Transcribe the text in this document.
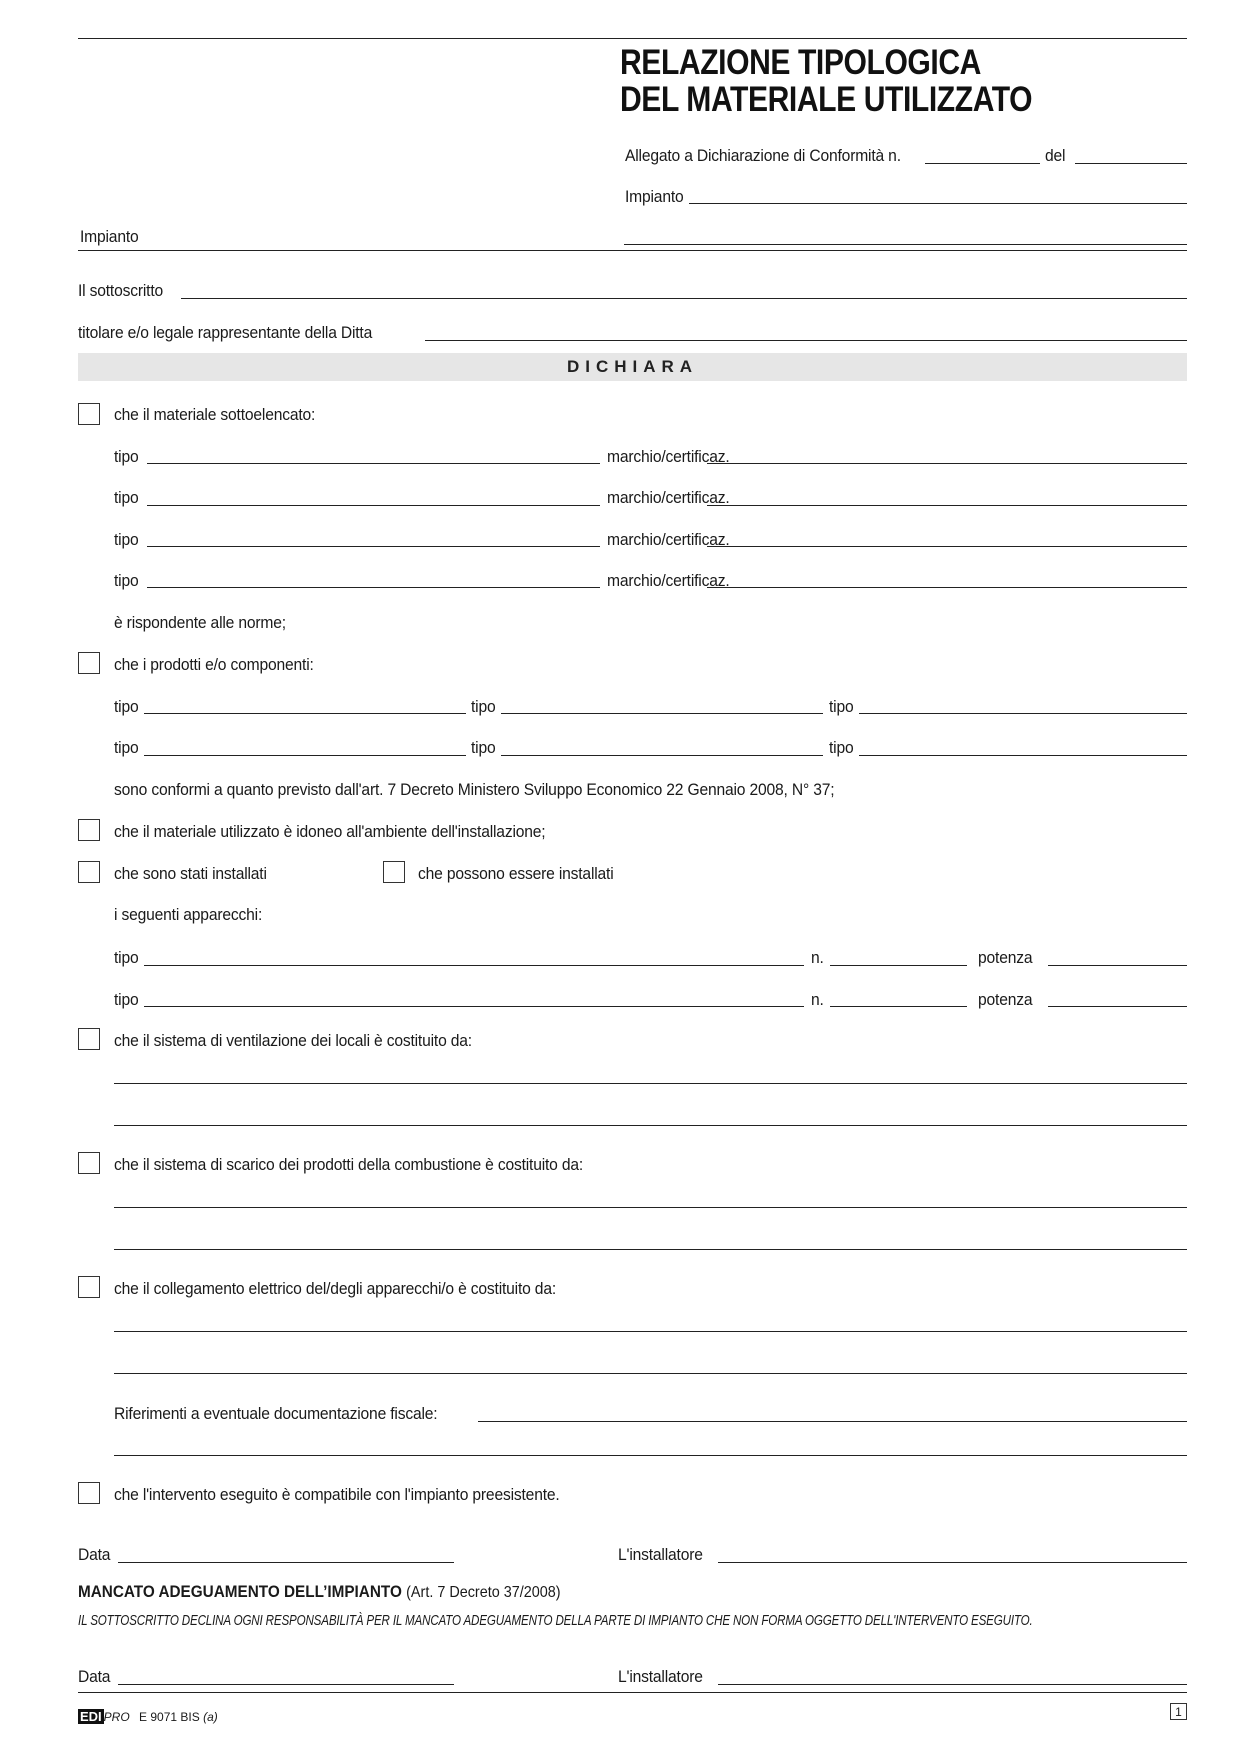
RELAZIONE TIPOLOGICA
DEL MATERIALE UTILIZZATO
Allegato a Dichiarazione di Conformità n.	del
Impianto
Impianto
Il sottoscritto
titolare e/o legale rappresentante della Ditta
DICHIARA
che il materiale sottoelencato:
tipo	marchio/certificaz.
tipo	marchio/certificaz.
tipo	marchio/certificaz.
tipo	marchio/certificaz.
è rispondente alle norme;
che i prodotti e/o componenti:
tipo	tipo	tipo
tipo	tipo	tipo
sono conformi a quanto previsto dall'art. 7 Decreto Ministero Sviluppo Economico 22 Gennaio 2008, N° 37;
che il materiale utilizzato è idoneo all'ambiente dell'installazione;
che sono stati installati	che possono essere installati
i seguenti apparecchi:
tipo	n.	potenza
tipo	n.	potenza
che il sistema di ventilazione dei locali è costituito da:
che il sistema di scarico dei prodotti della combustione è costituito da:
che il collegamento elettrico del/degli apparecchi/o è costituito da:
Riferimenti a eventuale documentazione fiscale:
che l'intervento eseguito è compatibile con l'impianto preesistente.
Data	L'installatore
MANCATO ADEGUAMENTO DELL’IMPIANTO (Art. 7 Decreto 37/2008)
IL SOTTOSCRITTO DECLINA OGNI RESPONSABILITÀ PER IL MANCATO ADEGUAMENTO DELLA PARTE DI IMPIANTO CHE NON FORMA OGGETTO DELL'INTERVENTO ESEGUITO.
Data	L'installatore
EDI PRO E 9071 BIS (a)	1
